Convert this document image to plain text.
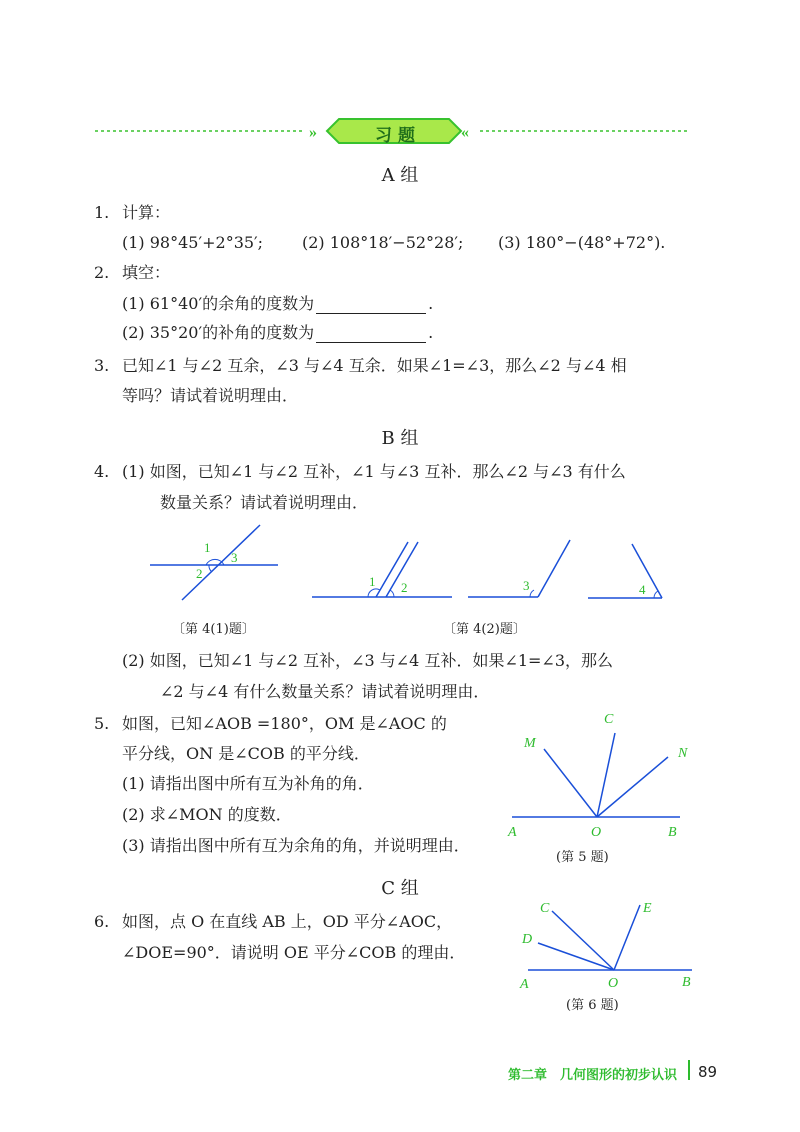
»	«
习 题
A 组
1. 计算：
(1) 98°45′+2°35′; (2) 108°18′−52°28′; (3) 180°−(48°+72°).
2. 填空：
(1) 61°40′的余角的度数为	.
(2) 35°20′的补角的度数为	.
3. 已知∠1 与∠2 互余，∠3 与∠4 互余．如果∠1=∠3，那么∠2 与∠4 相
等吗？请试着说明理由．
B 组
4. (1) 如图，已知∠1 与∠2 互补，∠1 与∠3 互补．那么∠2 与∠3 有什么
数量关系？请试着说明理由．
1
2
3
1 2	3	4
〔第 4(1)题〕	〔第 4(2)题〕
(2) 如图，已知∠1 与∠2 互补，∠3 与∠4 互补．如果∠1=∠3，那么
∠2 与∠4 有什么数量关系？请试着说明理由．
5. 如图，已知∠AOB =180°，OM 是∠AOC 的
平分线，ON 是∠COB 的平分线．
(1) 请指出图中所有互为补角的角．
(2) 求∠MON 的度数．
(3) 请指出图中所有互为余角的角，并说明理由．
C
M
N
A	O	B
(第 5 题)
C 组
6. 如图，点 O 在直线 AB 上，OD 平分∠AOC，
∠DOE=90°．请说明 OE 平分∠COB 的理由．
C
D
E
A	O	B
(第 6 题)
第二章　几何图形的初步认识 89
